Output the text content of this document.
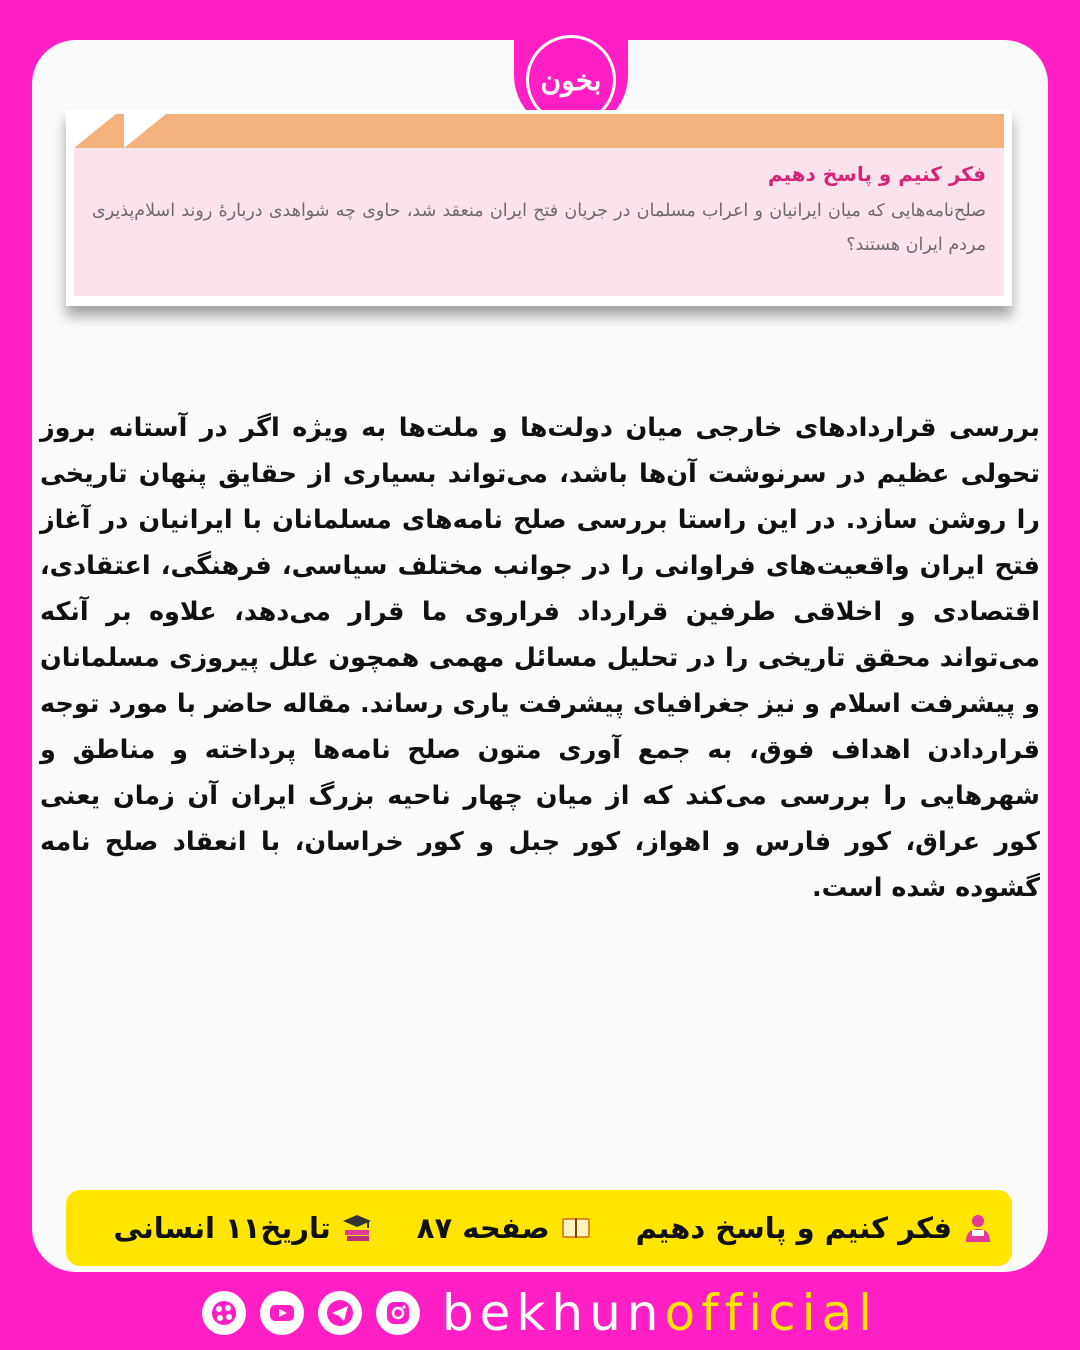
بخون
فکر کنیم و پاسخ دهیم
صلح‌نامه‌هایی که میان ایرانیان و اعراب مسلمان در جریان فتح ایران منعقد شد، حاوی چه شواهدی دربارهٔ روند اسلام‌پذیری مردم ایران هستند؟
بررسی قراردادهای خارجی میان دولت‌ها و ملت‌ها به ویژه اگر در آستانه بروز تحولی عظیم در سرنوشت آن‌ها باشد، می‌تواند بسیاری از حقایق پنهان تاریخی را روشن سازد. در این راستا بررسی صلح نامه‌های مسلمانان با ایرانیان در آغاز فتح ایران واقعیت‌های فراوانی را در جوانب مختلف سیاسی، فرهنگی، اعتقادی، اقتصادی و اخلاقی طرفین قرارداد فراروی ما قرار می‌دهد، علاوه بر آنکه می‌تواند محقق تاریخی را در تحلیل مسائل مهمی همچون علل پیروزی مسلمانان و پیشرفت اسلام و نیز جغرافیای پیشرفت یاری رساند. مقاله حاضر با مورد توجه قراردادن اهداف فوق، به جمع آوری متون صلح نامه‌ها پرداخته و مناطق و شهرهایی را بررسی می‌کند که از میان چهار ناحیه بزرگ ایران آن زمان یعنی کور عراق، کور فارس و اهواز، کور جبل و کور خراسان، با انعقاد صلح نامه گشوده شده است.
فکر کنیم و پاسخ دهیم
صفحه ۸۷
تاریخ۱۱ انسانی
bekhunofficial
